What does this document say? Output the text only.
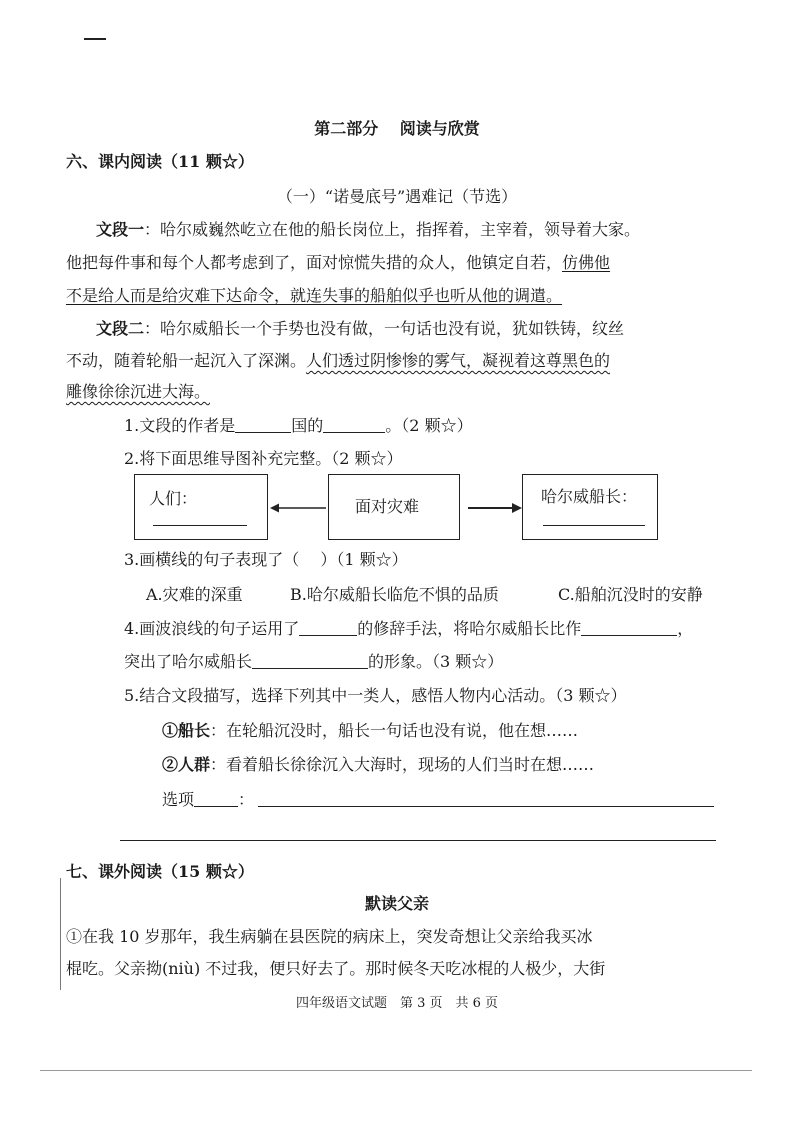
第二部分　 阅读与欣赏
六、课内阅读（11 颗☆）
（一）“诺曼底号”遇难记（节选）
文段一：哈尔威巍然屹立在他的船长岗位上，指挥着，主宰着，领导着大家。
他把每件事和每个人都考虑到了，面对惊慌失措的众人，他镇定自若，仿佛他
不是给人而是给灾难下达命令，就连失事的船舶似乎也听从他的调遣。
文段二：哈尔威船长一个手势也没有做，一句话也没有说，犹如铁铸，纹丝
不动，随着轮船一起沉入了深渊。人们透过阴惨惨的雾气，凝视着这尊黑色的
雕像徐徐沉进大海。
1.文段的作者是	国的	。（2 颗☆）
2.将下面思维导图补充完整。（2 颗☆）
人们：	面对灾难
哈尔威船长：
3.画横线的句子表现了（　 ）（1 颗☆）
A.灾难的深重	B.哈尔威船长临危不惧的品质	C.船舶沉没时的安静
4.画波浪线的句子运用了	的修辞手法，将哈尔威船长比作	，
突出了哈尔威船长	的形象。（3 颗☆）
5.结合文段描写，选择下列其中一类人，感悟人物内心活动。（3 颗☆）
①船长：在轮船沉没时，船长一句话也没有说，他在想……
②人群：看着船长徐徐沉入大海时，现场的人们当时在想……
选项	：
七、课外阅读（15 颗☆）
默读父亲
①在我 10 岁那年，我生病躺在县医院的病床上，突发奇想让父亲给我买冰
棍吃。父亲拗(niù) 不过我，便只好去了。那时候冬天吃冰棍的人极少，大街
四年级语文试题　第 3 页　共 6 页
